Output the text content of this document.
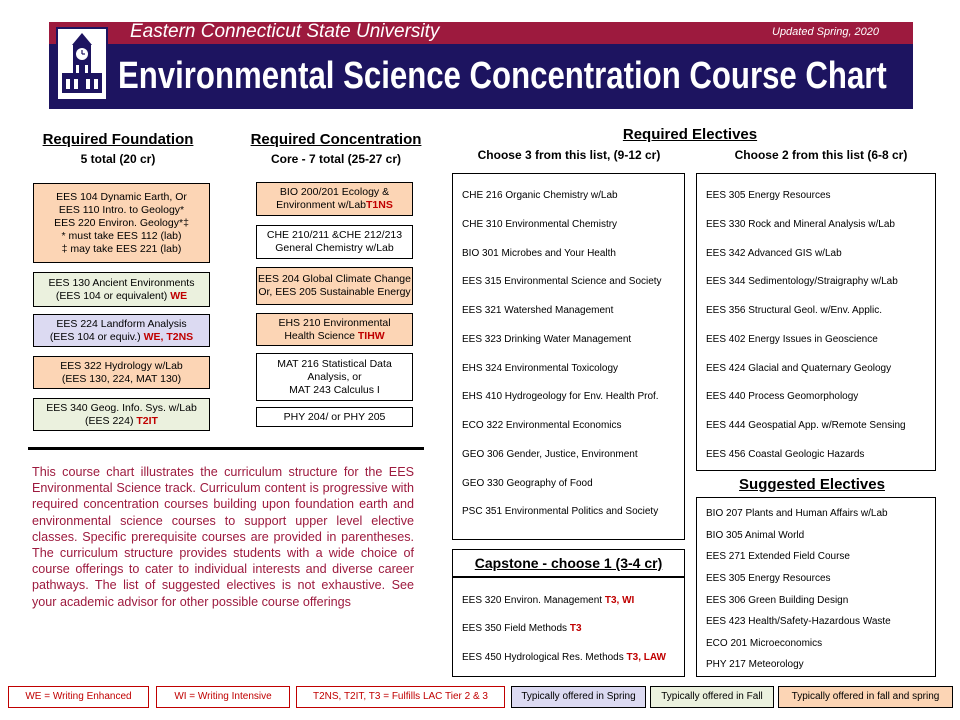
Eastern Connecticut State University	Updated Spring, 2020
Environmental Science Concentration Course Chart
Required Foundation
5 total (20 cr)
EES 104 Dynamic Earth, Or
EES 110 Intro. to Geology*
EES 220 Environ. Geology*‡
* must take EES 112 (lab)
‡ may take EES 221 (lab)
EES 130 Ancient Environments
(EES 104 or equivalent) WE
EES 224 Landform Analysis
(EES 104 or equiv.) WE, T2NS
EES 322 Hydrology w/Lab
(EES 130, 224, MAT 130)
EES 340 Geog. Info. Sys. w/Lab
(EES 224) T2IT
Required Concentration
Core - 7 total (25-27 cr)
BIO 200/201 Ecology &
Environment w/LabT1NS
CHE 210/211 &CHE 212/213
General Chemistry w/Lab
EES 204 Global Climate Change
Or, EES 205 Sustainable Energy
EHS 210 Environmental
Health Science TIHW
MAT 216 Statistical Data
Analysis, or
MAT 243 Calculus I
PHY 204/ or PHY 205
Required Electives
Choose 3 from this list, (9-12 cr)	Choose 2 from this list (6-8 cr)
CHE 216 Organic Chemistry w/Lab
CHE 310 Environmental Chemistry
BIO 301 Microbes and Your Health
EES 315 Environmental Science and Society
EES 321 Watershed Management
EES 323 Drinking Water Management
EHS 324 Environmental Toxicology
EHS 410 Hydrogeology for Env. Health Prof.
ECO 322 Environmental Economics
GEO 306 Gender, Justice, Environment
GEO 330 Geography of Food
PSC 351 Environmental Politics and Society
EES 305 Energy Resources
EES 330 Rock and Mineral Analysis w/Lab
EES 342 Advanced GIS w/Lab
EES 344 Sedimentology/Straigraphy w/Lab
EES 356 Structural Geol. w/Env. Applic.
EES 402 Energy Issues in Geoscience
EES 424 Glacial and Quaternary Geology
EES 440 Process Geomorphology
EES 444 Geospatial App. w/Remote Sensing
EES 456 Coastal Geologic Hazards
Suggested Electives
BIO 207 Plants and Human Affairs w/Lab
BIO 305 Animal World
EES 271 Extended Field Course
EES 305 Energy Resources
EES 306 Green Building Design
EES 423 Health/Safety-Hazardous Waste
ECO 201 Microeconomics
PHY 217 Meteorology
Capstone - choose 1 (3-4 cr)
EES 320 Environ. Management T3, WI
EES 350 Field Methods T3
EES 450 Hydrological Res. Methods T3, LAW
This course chart illustrates the curriculum structure for the EES Environmental Science track. Curriculum content is progressive with required concentration courses building upon foundation earth and environmental science courses to support upper level elective classes. Specific prerequisite courses are provided in parentheses. The curriculum structure provides students with a wide choice of course offerings to cater to individual interests and diverse career pathways. The list of suggested electives is not exhaustive. See your academic advisor for other possible course offerings
WE = Writing Enhanced	WI = Writing Intensive	T2NS, T2IT, T3 = Fulfills LAC Tier 2 & 3	Typically offered in Spring	Typically offered in Fall	Typically offered in fall and spring
